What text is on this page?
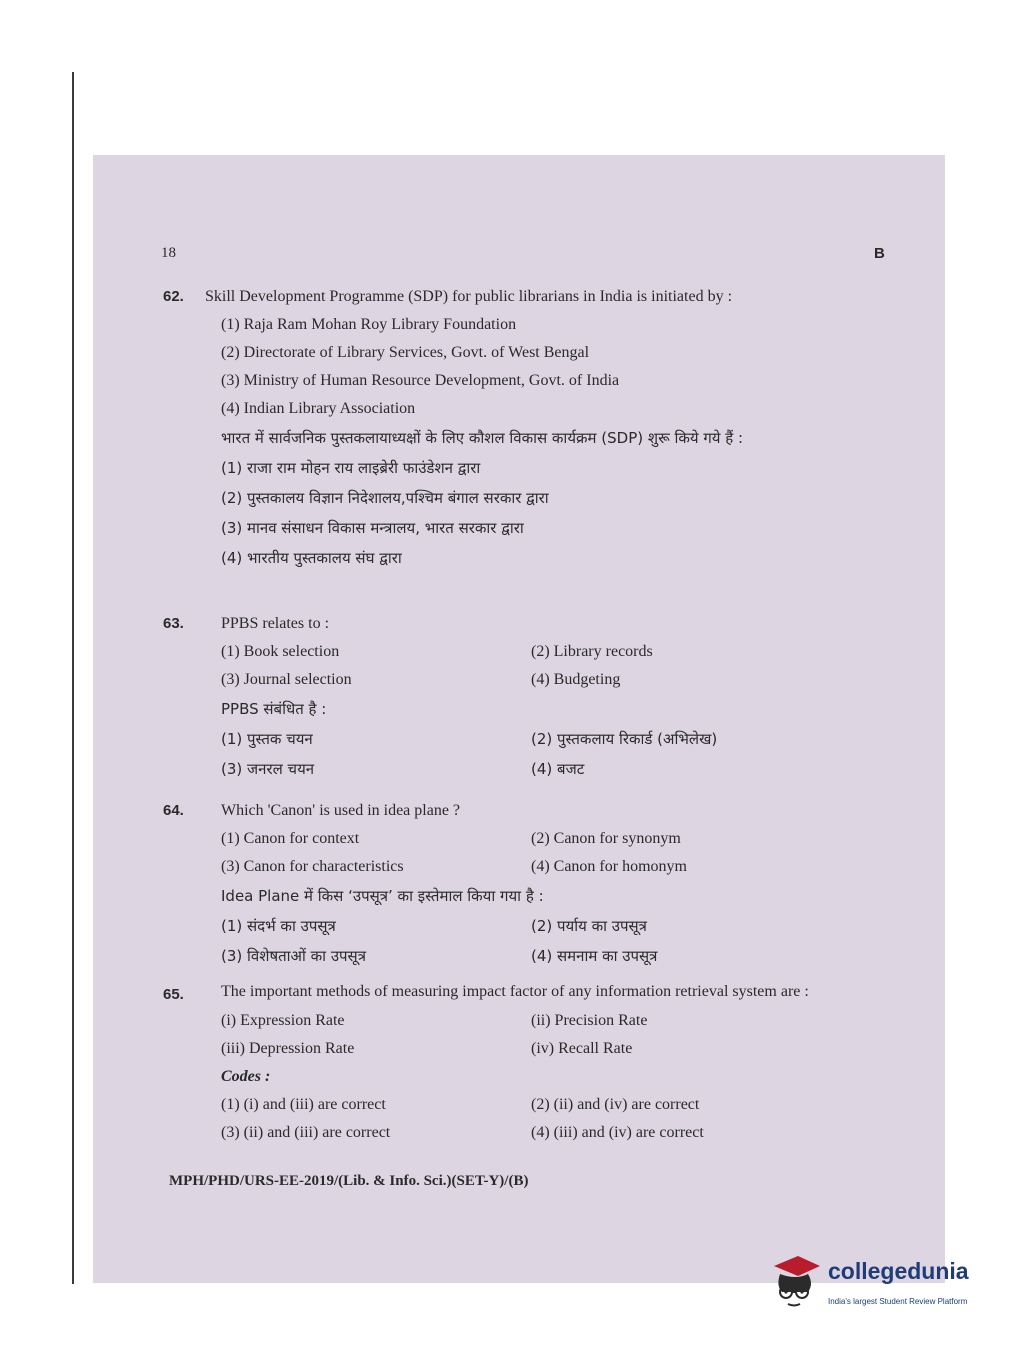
18	B
62.	Skill Development Programme (SDP) for public librarians in India is initiated by :
(1) Raja Ram Mohan Roy Library Foundation
(2) Directorate of Library Services, Govt. of West Bengal
(3) Ministry of Human Resource Development, Govt. of India
(4) Indian Library Association
भारत में सार्वजनिक पुस्तकलायाध्यक्षों के लिए कौशल विकास कार्यक्रम (SDP) शुरू किये गये हैं :
(1) राजा राम मोहन राय लाइब्रेरी फाउंडेशन द्वारा
(2) पुस्तकालय विज्ञान निदेशालय,पश्चिम बंगाल सरकार द्वारा
(3) मानव संसाधन विकास मन्त्रालय, भारत सरकार द्वारा
(4) भारतीय पुस्तकालय संघ द्वारा
63.	PPBS relates to :
(1) Book selection	(2) Library records
(3) Journal selection	(4) Budgeting
PPBS संबंधित है :
(1) पुस्तक चयन	(2) पुस्तकलाय रिकार्ड (अभिलेख)
(3) जनरल चयन	(4) बजट
64.	Which 'Canon' is used in idea plane ?
(1) Canon for context	(2) Canon for synonym
(3) Canon for characteristics	(4) Canon for homonym
Idea Plane में किस ‘उपसूत्र’ का इस्तेमाल किया गया है :
(1) संदर्भ का उपसूत्र	(2) पर्याय का उपसूत्र
(3) विशेषताओं का उपसूत्र	(4) समनाम का उपसूत्र
65.	The important methods of measuring impact factor of any information retrieval system are :
(i) Expression Rate	(ii) Precision Rate
(iii) Depression Rate	(iv) Recall Rate
Codes :
(1) (i) and (iii) are correct	(2) (ii) and (iv) are correct
(3) (ii) and (iii) are correct	(4) (iii) and (iv) are correct
MPH/PHD/URS-EE-2019/(Lib. & Info. Sci.)(SET-Y)/(B)
collegedunia
India's largest Student Review Platform
